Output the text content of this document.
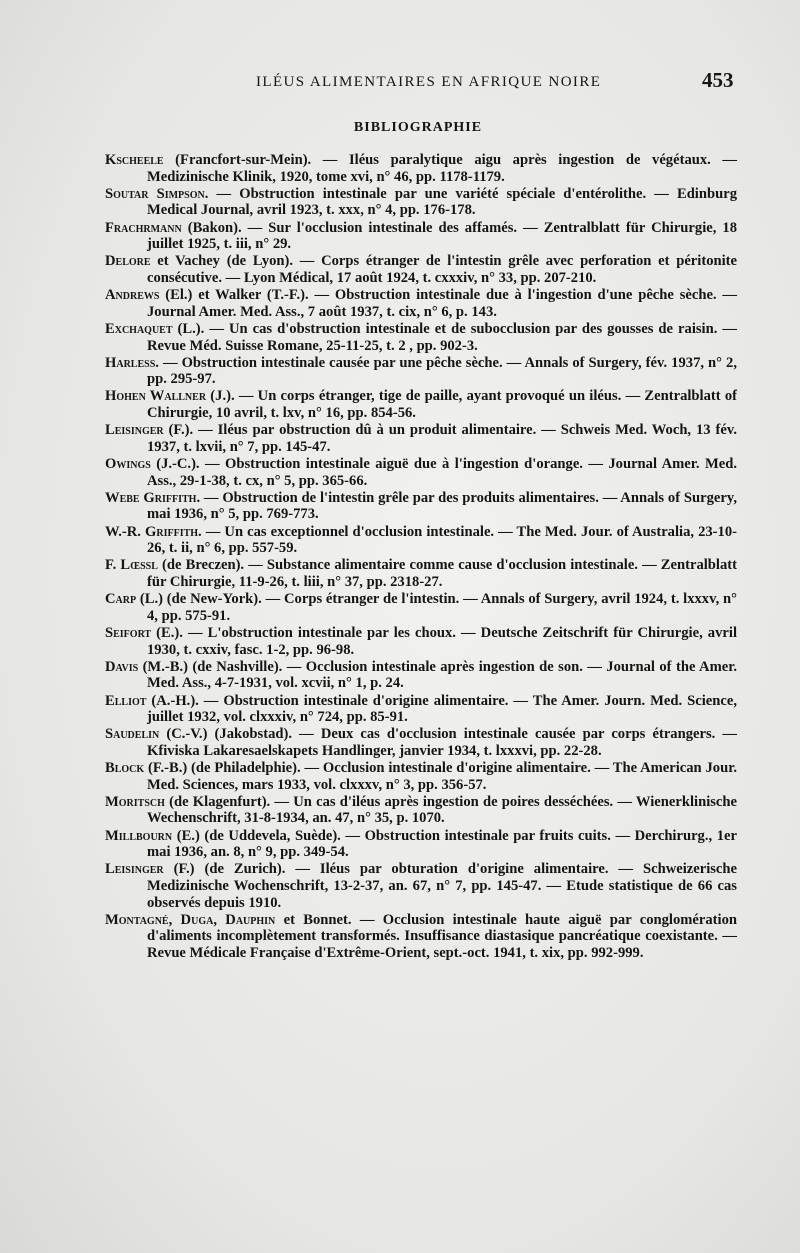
ILÉUS ALIMENTAIRES EN AFRIQUE NOIRE	453
BIBLIOGRAPHIE

Kscheele (Francfort-sur-Mein). — Iléus paralytique aigu après ingestion de végétaux. — Medizinische Klinik, 1920, tome xvi, n° 46, pp. 1178-1179.

Soutar Simpson. — Obstruction intestinale par une variété spéciale d'entérolithe. — Edinburg Medical Journal, avril 1923, t. xxx, n° 4, pp. 176-178.

Frachrmann (Bakon). — Sur l'occlusion intestinale des affamés. — Zentralblatt für Chirurgie, 18 juillet 1925, t. iii, n° 29.

Delore et Vachey (de Lyon). — Corps étranger de l'intestin grêle avec perforation et péritonite consécutive. — Lyon Médical, 17 août 1924, t. cxxxiv, n° 33, pp. 207-210.

Andrews (El.) et Walker (T.-F.). — Obstruction intestinale due à l'ingestion d'une pêche sèche. — Journal Amer. Med. Ass., 7 août 1937, t. cix, n° 6, p. 143.

Exchaquet (L.). — Un cas d'obstruction intestinale et de subocclusion par des gousses de raisin. — Revue Méd. Suisse Romane, 25-11-25, t. 2 , pp. 902-3.

Harless. — Obstruction intestinale causée par une pêche sèche. — Annals of Surgery, fév. 1937, n° 2, pp. 295-97.

Hohen Wallner (J.). — Un corps étranger, tige de paille, ayant provoqué un iléus. — Zentralblatt of Chirurgie, 10 avril, t. lxv, n° 16, pp. 854-56.

Leisinger (F.). — Iléus par obstruction dû à un produit alimentaire. — Schweis Med. Woch, 13 fév. 1937, t. lxvii, n° 7, pp. 145-47.

Owings (J.-C.). — Obstruction intestinale aiguë due à l'ingestion d'orange. — Journal Amer. Med. Ass., 29-1-38, t. cx, n° 5, pp. 365-66.

Webe Griffith. — Obstruction de l'intestin grêle par des produits alimentaires. — Annals of Surgery, mai 1936, n° 5, pp. 769-773.

W.-R. Griffith. — Un cas exceptionnel d'occlusion intestinale. — The Med. Jour. of Australia, 23-10-26, t. ii, n° 6, pp. 557-59.

F. Lœssl (de Breczen). — Substance alimentaire comme cause d'occlusion intestinale. — Zentralblatt für Chirurgie, 11-9-26, t. liii, n° 37, pp. 2318-27.

Carp (L.) (de New-York). — Corps étranger de l'intestin. — Annals of Surgery, avril 1924, t. lxxxv, n° 4, pp. 575-91.

Seifort (E.). — L'obstruction intestinale par les choux. — Deutsche Zeitschrift für Chirurgie, avril 1930, t. cxxiv, fasc. 1-2, pp. 96-98.

Davis (M.-B.) (de Nashville). — Occlusion intestinale après ingestion de son. — Journal of the Amer. Med. Ass., 4-7-1931, vol. xcvii, n° 1, p. 24.

Elliot (A.-H.). — Obstruction intestinale d'origine alimentaire. — The Amer. Journ. Med. Science, juillet 1932, vol. clxxxiv, n° 724, pp. 85-91.

Saudelin (C.-V.) (Jakobstad). — Deux cas d'occlusion intestinale causée par corps étrangers. — Kfiviska Lakaresaelskapets Handlinger, janvier 1934, t. lxxxvi, pp. 22-28.

Block (F.-B.) (de Philadelphie). — Occlusion intestinale d'origine alimentaire. — The American Jour. Med. Sciences, mars 1933, vol. clxxxv, n° 3, pp. 356-57.

Moritsch (de Klagenfurt). — Un cas d'iléus après ingestion de poires desséchées. — Wienerklinische Wechenschrift, 31-8-1934, an. 47, n° 35, p. 1070.

Millbourn (E.) (de Uddevela, Suède). — Obstruction intestinale par fruits cuits. — Derchirurg., 1er mai 1936, an. 8, n° 9, pp. 349-54.

Leisinger (F.) (de Zurich). — Iléus par obturation d'origine alimentaire. — Schweizerische Medizinische Wochenschrift, 13-2-37, an. 67, n° 7, pp. 145-47. — Etude statistique de 66 cas observés depuis 1910.

Montagné, Duga, Dauphin et Bonnet. — Occlusion intestinale haute aiguë par conglomération d'aliments incomplètement transformés. Insuffisance diastasique pancréatique coexistante. — Revue Médicale Française d'Extrême-Orient, sept.-oct. 1941, t. xix, pp. 992-999.
